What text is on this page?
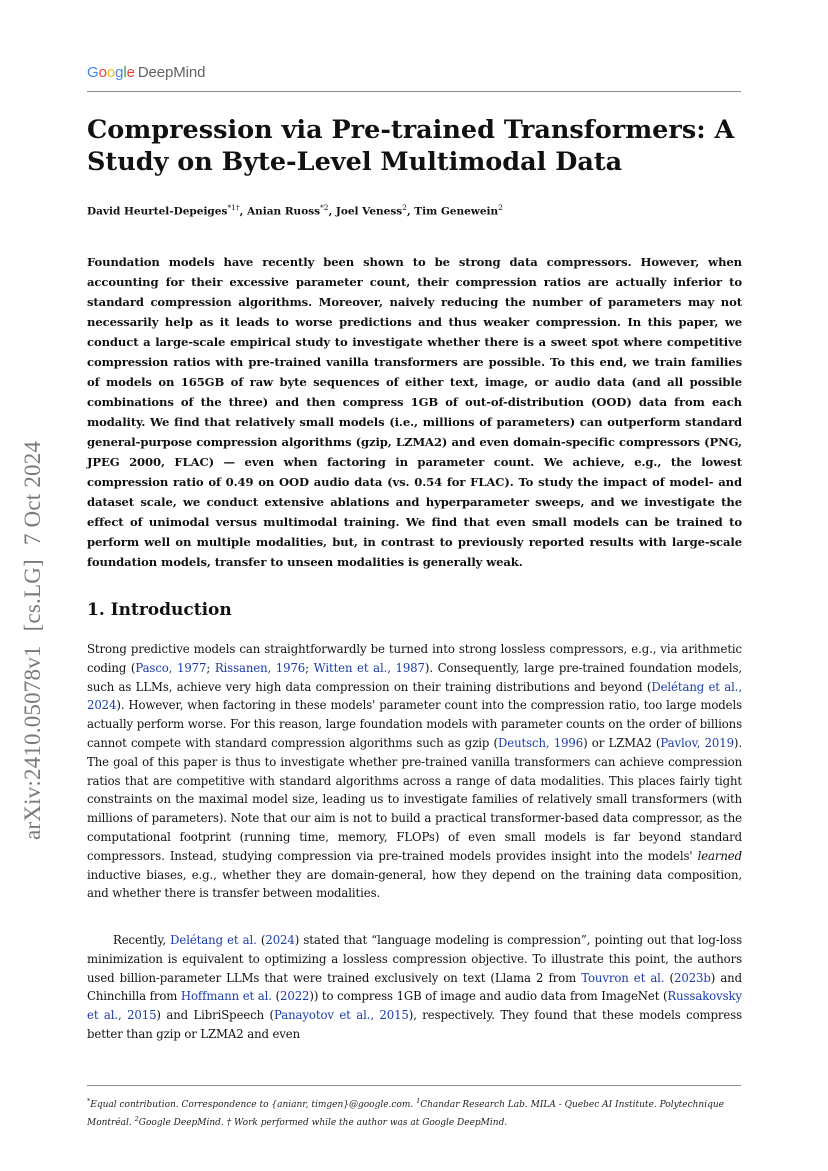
Google DeepMind
arXiv:2410.05078v1[cs.LG]7 Oct 2024
Compression via Pre-trained Transformers: A Study on Byte-Level Multimodal Data

David Heurtel-Depeiges$^{*1\dagger}$, Anian Ruoss$^{*2}$, Joel Veness$^2$, Tim Genewein$^2$

Foundation models have recently been shown to be strong data compressors. However, when accounting for their excessive parameter count, their compression ratios are actually inferior to standard compression algorithms. Moreover, naively reducing the number of parameters may not necessarily help as it leads to worse predictions and thus weaker compression. In this paper, we conduct a large-scale empirical study to investigate whether there is a sweet spot where competitive compression ratios with pre-trained vanilla transformers are possible. To this end, we train families of models on 165GB of raw byte sequences of either text, image, or audio data (and all possible combinations of the three) and then compress 1GB of out-of-distribution (OOD) data from each modality. We find that relatively small models (i.e., millions of parameters) can outperform standard general-purpose compression algorithms (gzip, LZMA2) and even domain-specific compressors (PNG, JPEG 2000, FLAC) — even when factoring in parameter count. We achieve, e.g., the lowest compression ratio of 0.49 on OOD audio data (vs. 0.54 for FLAC). To study the impact of model- and dataset scale, we conduct extensive ablations and hyperparameter sweeps, and we investigate the effect of unimodal versus multimodal training. We find that even small models can be trained to perform well on multiple modalities, but, in contrast to previously reported results with large-scale foundation models, transfer to unseen modalities is generally weak.

1. Introduction

Strong predictive models can straightforwardly be turned into strong lossless compressors, e.g., via arithmetic coding (Pasco, 1977; Rissanen, 1976; Witten et al., 1987). Consequently, large pre-trained foundation models, such as LLMs, achieve very high data compression on their training distributions and beyond (Delétang et al., 2024). However, when factoring in these models' parameter count into the compression ratio, too large models actually perform worse. For this reason, large foundation models with parameter counts on the order of billions cannot compete with standard compression algorithms such as gzip (Deutsch, 1996) or LZMA2 (Pavlov, 2019). The goal of this paper is thus to investigate whether pre-trained vanilla transformers can achieve compression ratios that are competitive with standard algorithms across a range of data modalities. This places fairly tight constraints on the maximal model size, leading us to investigate families of relatively small transformers (with millions of parameters). Note that our aim is not to build a practical transformer-based data compressor, as the computational footprint (running time, memory, FLOPs) of even small models is far beyond standard compressors. Instead, studying compression via pre-trained models provides insight into the models' learned inductive biases, e.g., whether they are domain-general, how they depend on the training data composition, and whether there is transfer between modalities.

Recently, Delétang et al. (2024) stated that “language modeling is compression”, pointing out that log-loss minimization is equivalent to optimizing a lossless compression objective. To illustrate this point, the authors used billion-parameter LLMs that were trained exclusively on text (Llama 2 from Touvron et al. (2023b) and Chinchilla from Hoffmann et al. (2022)) to compress 1GB of image and audio data from ImageNet (Russakovsky et al., 2015) and LibriSpeech (Panayotov et al., 2015), respectively. They found that these models compress better than gzip or LZMA2 and even

*Equal contribution. Correspondence to {anianr, timgen}@google.com. $^1$Chandar Research Lab. MILA - Quebec AI Institute. Polytechnique Montréal. $^2$Google DeepMind. † Work performed while the author was at Google DeepMind.
